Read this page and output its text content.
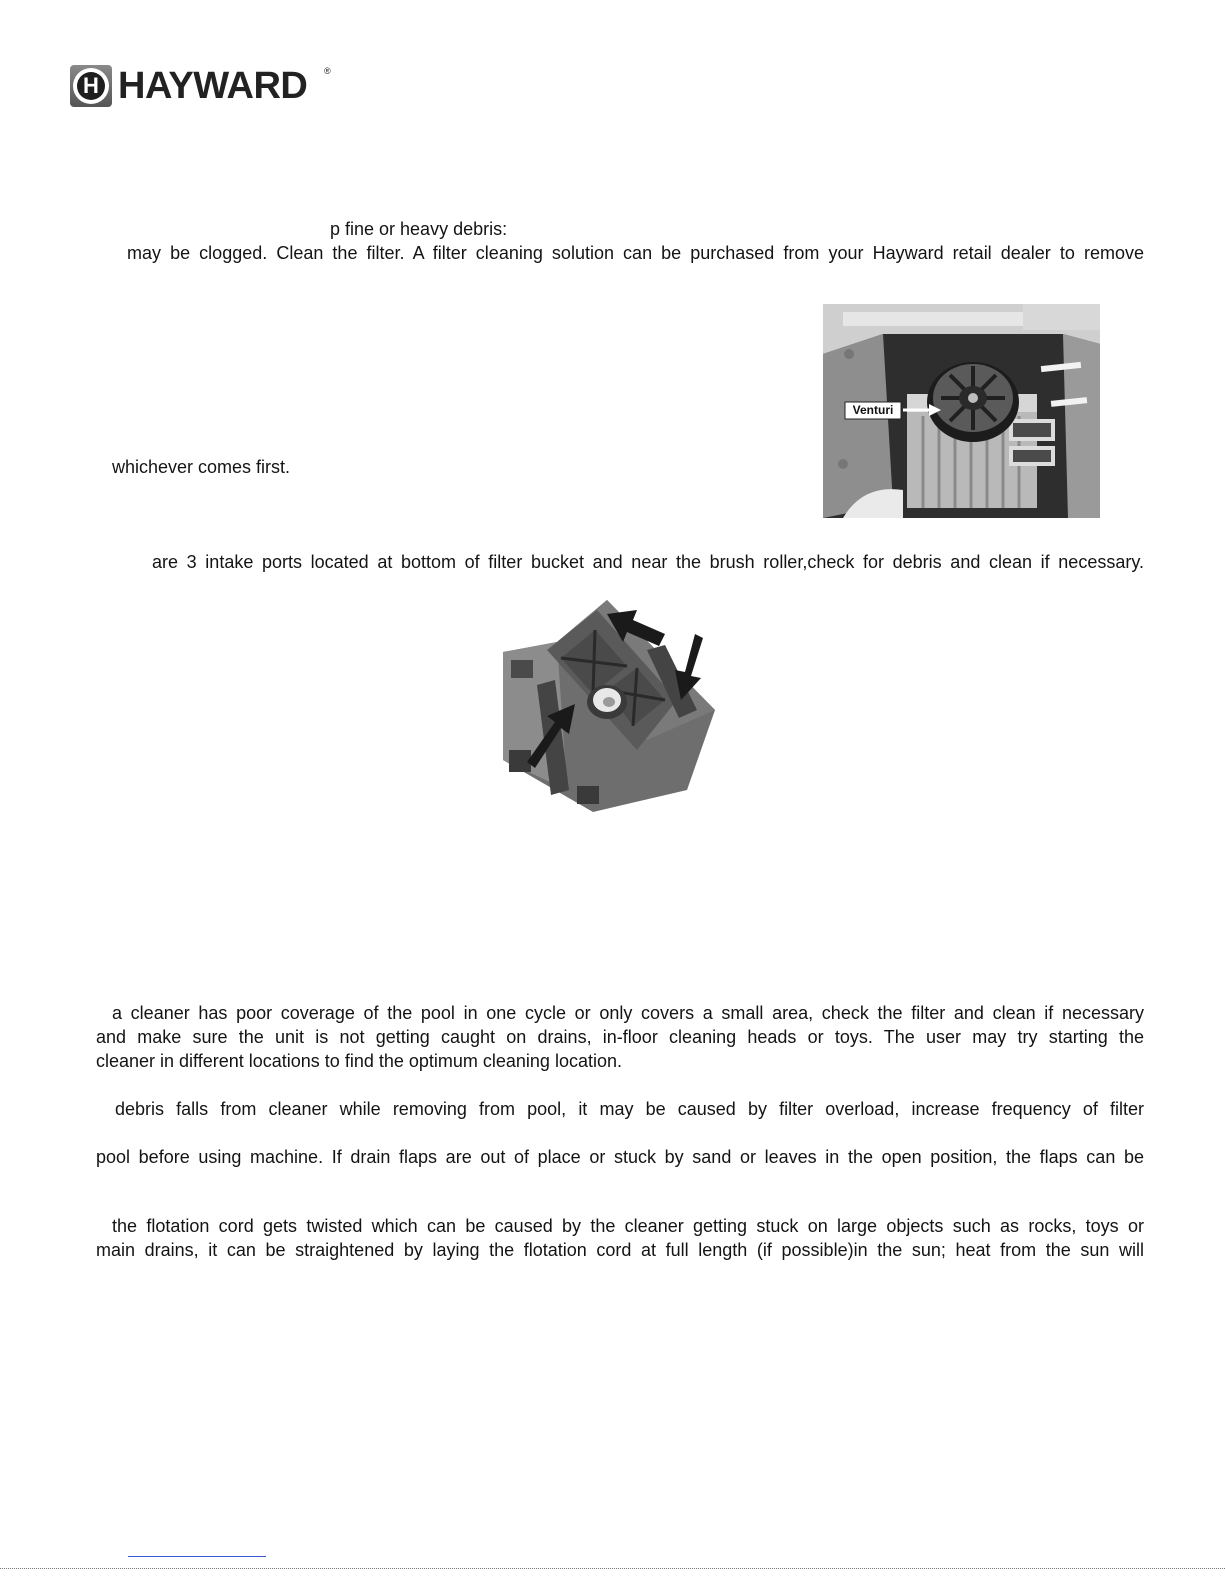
H HAYWARD ®
p fine or heavy debris:
may be clogged. Clean the filter. A filter cleaning solution can be purchased from your Hayward retail dealer to remove
whichever comes first.
are 3 intake ports located at bottom of filter bucket and near the brush roller,check for debris and clean if necessary.
a cleaner has poor coverage of the pool in one cycle or only covers a small area, check the filter and clean if necessary
and make sure the unit is not getting caught on drains, in-floor cleaning heads or toys. The user may try starting the
cleaner in different locations to find the optimum cleaning location.
debris falls from cleaner while removing from pool, it may be caused by filter overload, increase frequency of filter
pool before using machine. If drain flaps are out of place or stuck by sand or leaves in the open position, the flaps can be
the flotation cord gets twisted which can be caused by the cleaner getting stuck on large objects such as rocks, toys or
main drains, it can be straightened by laying the flotation cord at full length (if possible)in the sun; heat from the sun will
Venturi
